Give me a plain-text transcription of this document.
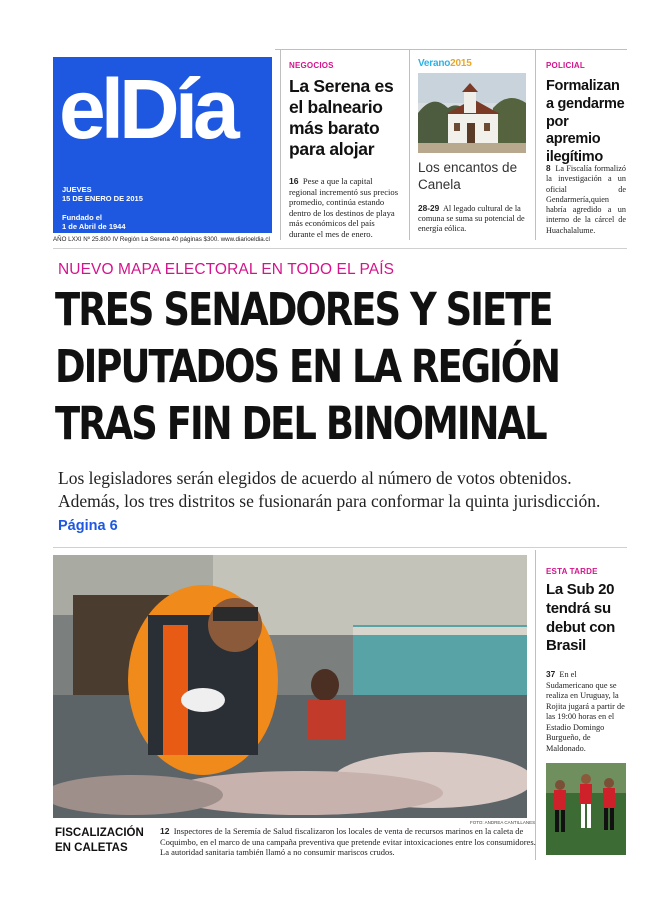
elDía
JUEVES
15 DE ENERO DE 2015
Fundado el
1 de Abril de 1944
AÑO LXXI Nº 25.800 IV Región La Serena 40 páginas $300. www.diarioeldia.cl
NEGOCIOS
La Serena es el balneario más barato para alojar
16 Pese a que la capital regional incrementó sus precios promedio, continúa estando dentro de los destinos de playa más económicos del país durante el mes de enero.
Verano2015
Los encantos de Canela
28-29 Al legado cultural de la comuna se suma su potencial de energía eólica.
POLICIAL
Formalizan a gendarme por apremio ilegítimo
8 La Fiscalía formalizó la investigación a un oficial de Gendarmería,quien habría agredido a un interno de la cárcel de Huachalalume.
NUEVO MAPA ELECTORAL EN TODO EL PAÍS
TRES SENADORES Y SIETE
DIPUTADOS EN LA REGIÓN
TRAS FIN DEL BINOMINAL
Los legisladores serán elegidos de acuerdo al número de votos obtenidos. Además, los tres distritos se fusionarán para conformar la quinta jurisdicción.  Página 6
FOTO: ANDREA CANTILLANES
FISCALIZACIÓN
EN CALETAS
12 Inspectores de la Seremía de Salud fiscalizaron los locales de venta de recursos marinos en la caleta de Coquimbo, en el marco de una campaña preventiva que pretende evitar intoxicaciones entre los consumidores. La autoridad sanitaria también llamó a no consumir mariscos crudos.
ESTA TARDE
La Sub 20 tendrá su debut con Brasil
37 En el Sudamericano que se realiza en Uruguay, la Rojita jugará a partir de las 19:00 horas en el Estadio Domingo Burgueño, de Maldonado.
